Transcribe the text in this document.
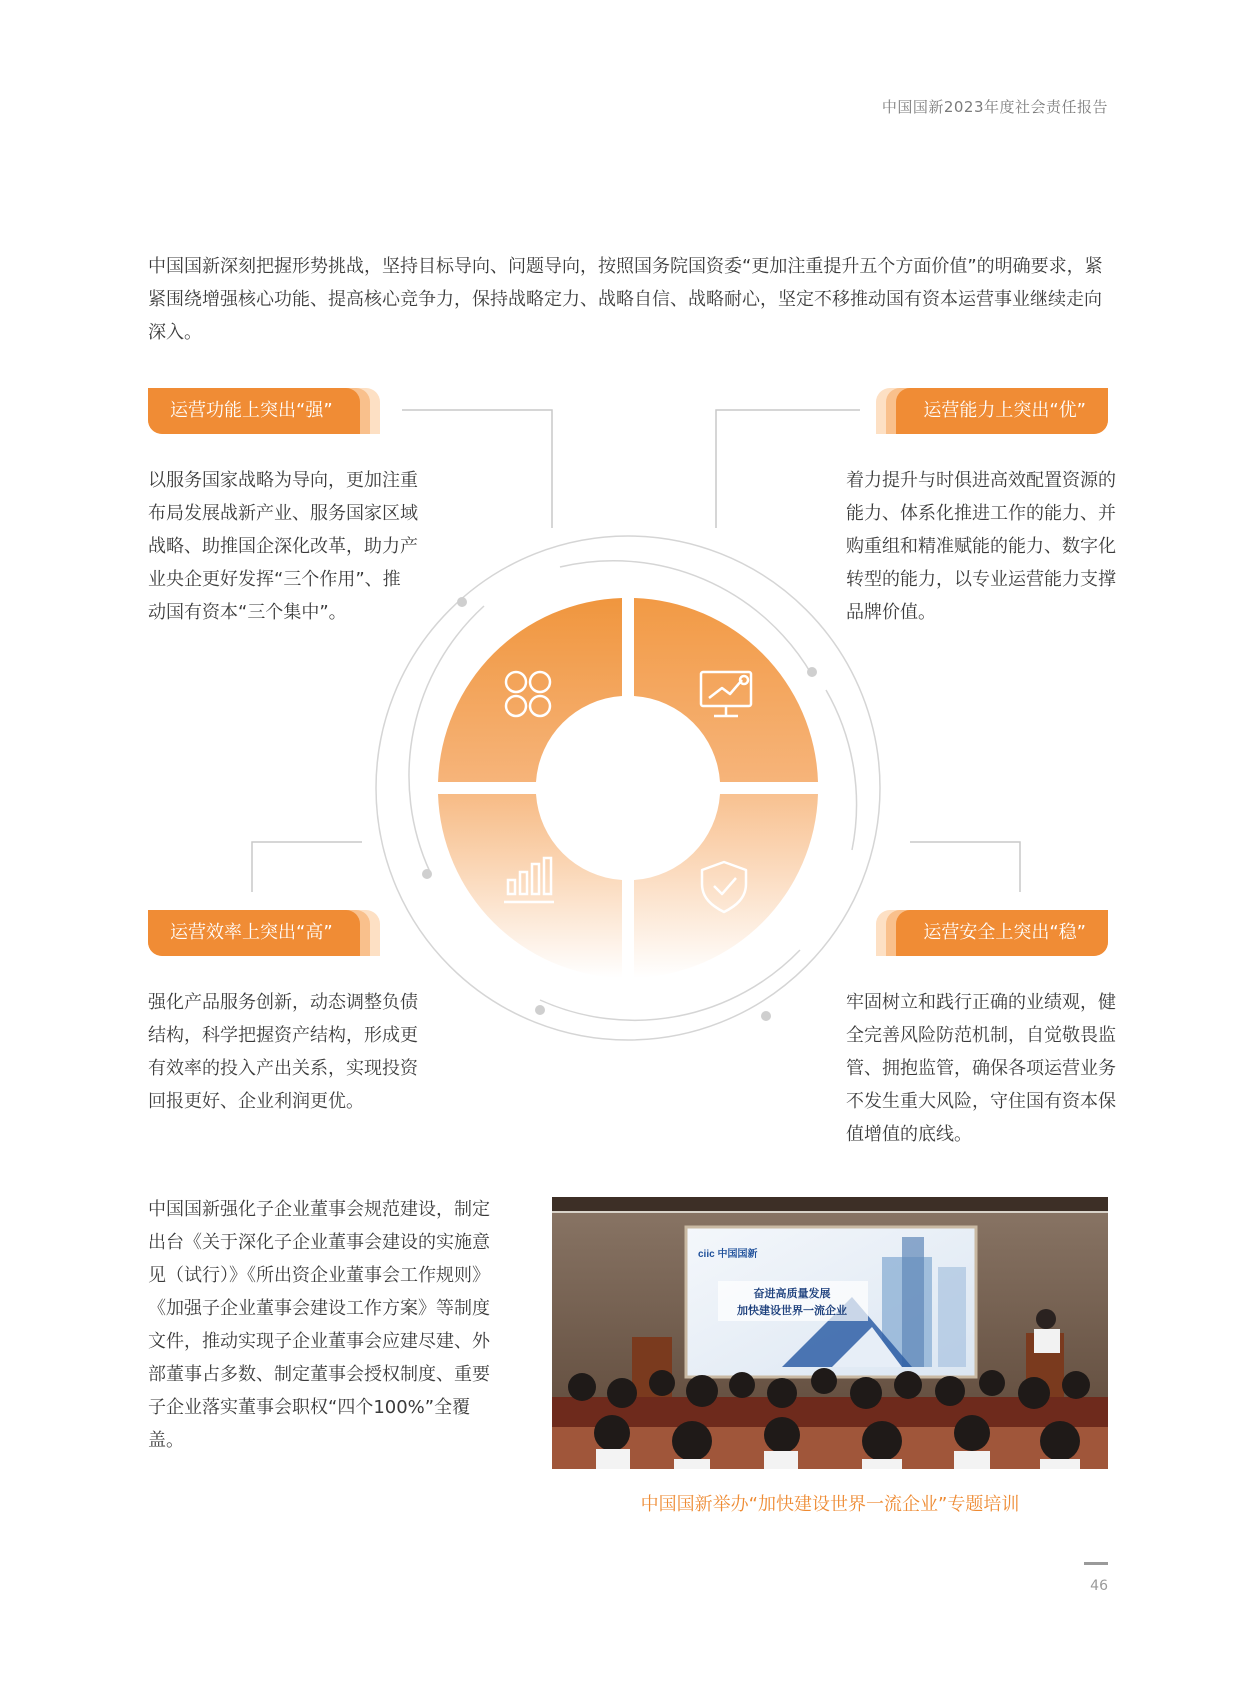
中国国新2023年度社会责任报告

中国国新深刻把握形势挑战，坚持目标导向、问题导向，按照国务院国资委“更加注重提升五个方面价值”的明确要求，紧紧围绕增强核心功能、提高核心竞争力，保持战略定力、战略自信、战略耐心，坚定不移推动国有资本运营事业继续走向深入。

运营功能上突出“强”	运营能力上突出“优”
运营效率上突出“高”	运营安全上突出“稳”

以服务国家战略为导向，更加注重布局发展战新产业、服务国家区域战略、助推国企深化改革，助力产业央企更好发挥“三个作用”、推动国有资本“三个集中”。

着力提升与时俱进高效配置资源的能力、体系化推进工作的能力、并购重组和精准赋能的能力、数字化转型的能力，以专业运营能力支撑品牌价值。

强化产品服务创新，动态调整负债结构，科学把握资产结构，形成更有效率的投入产出关系，实现投资回报更好、企业利润更优。

牢固树立和践行正确的业绩观，健全完善风险防范机制，自觉敬畏监管、拥抱监管，确保各项运营业务不发生重大风险，守住国有资本保值增值的底线。

中国国新强化子企业董事会规范建设，制定出台《关于深化子企业董事会建设的实施意见（试行）》《所出资企业董事会工作规则》《加强子企业董事会建设工作方案》等制度文件，推动实现子企业董事会应建尽建、外部董事占多数、制定董事会授权制度、重要子企业落实董事会职权“四个100%”全覆盖。

ciic 中国国新
奋进高质量发展
加快建设世界一流企业
中国国新举办“加快建设世界一流企业”专题培训
46
